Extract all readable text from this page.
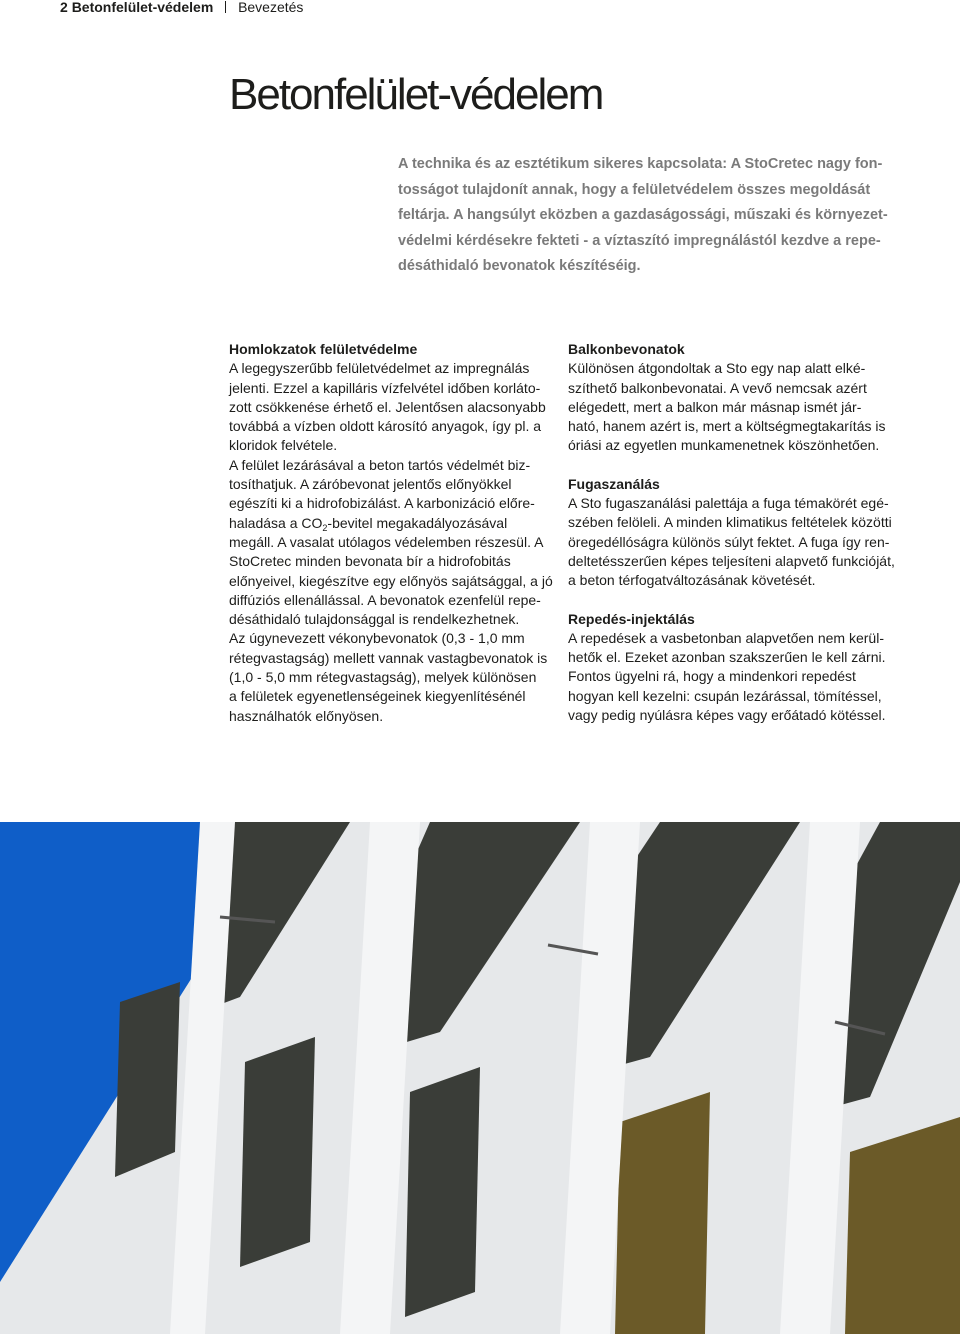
2 Betonfelület-védelem Bevezetés
Betonfelület-védelem
A technika és az esztétikum sikeres kapcsolata: A StoCretec nagy fon-
tosságot tulajdonít annak, hogy a felületvédelem összes megoldását
feltárja. A hangsúlyt eközben a gazdaságossági, műszaki és környezet-
védelmi kérdésekre fekteti - a víztaszító impregnálástól kezdve a repe-
désáthidaló bevonatok készítéséig.
Homlokzatok felületvédelme
A legegyszerűbb felületvédelmet az impregnálás
jelenti. Ezzel a kapilláris vízfelvétel időben korláto-
zott csökkenése érhető el. Jelentősen alacsonyabb
továbbá a vízben oldott károsító anyagok, így pl. a
kloridok felvétele.
A felület lezárásával a beton tartós védelmét biz-
tosíthatjuk. A záróbevonat jelentős előnyökkel
egészíti ki a hidrofobizálást. A karbonizáció előre-
haladása a $CO_2$-bevitel megakadályozásával
megáll. A vasalat utólagos védelemben részesül. A
StoCretec minden bevonata bír a hidrofobitás
előnyeivel, kiegészítve egy előnyös sajátsággal, a jó
diffúziós ellenállással. A bevonatok ezenfelül repe-
désáthidaló tulajdonsággal is rendelkezhetnek.
Az úgynevezett vékonybevonatok (0,3 - 1,0 mm
rétegvastagság) mellett vannak vastagbevonatok is
(1,0 - 5,0 mm rétegvastagság), melyek különösen
a felületek egyenetlenségeinek kiegyenlítésénél
használhatók előnyösen.
Balkonbevonatok
Különösen átgondoltak a Sto egy nap alatt elké-
szíthető balkonbevonatai. A vevő nemcsak azért
elégedett, mert a balkon már másnap ismét jár-
ható, hanem azért is, mert a költségmegtakarítás is
óriási az egyetlen munkamenetnek köszönhetően.
Fugaszanálás
A Sto fugaszanálási palettája a fuga témakörét egé-
szében felöleli. A minden klimatikus feltételek közötti
öregedéllóságra különös súlyt fektet. A fuga így ren-
deltetésszerűen képes teljesíteni alapvető funkcióját,
a beton térfogatváltozásának követését.
Repedés-injektálás
A repedések a vasbetonban alapvetően nem kerül-
hetők el. Ezeket azonban szakszerűen le kell zárni.
Fontos ügyelni rá, hogy a mindenkori repedést
hogyan kell kezelni: csupán lezárással, tömítéssel,
vagy pedig nyúlásra képes vagy erőátadó kötéssel.
